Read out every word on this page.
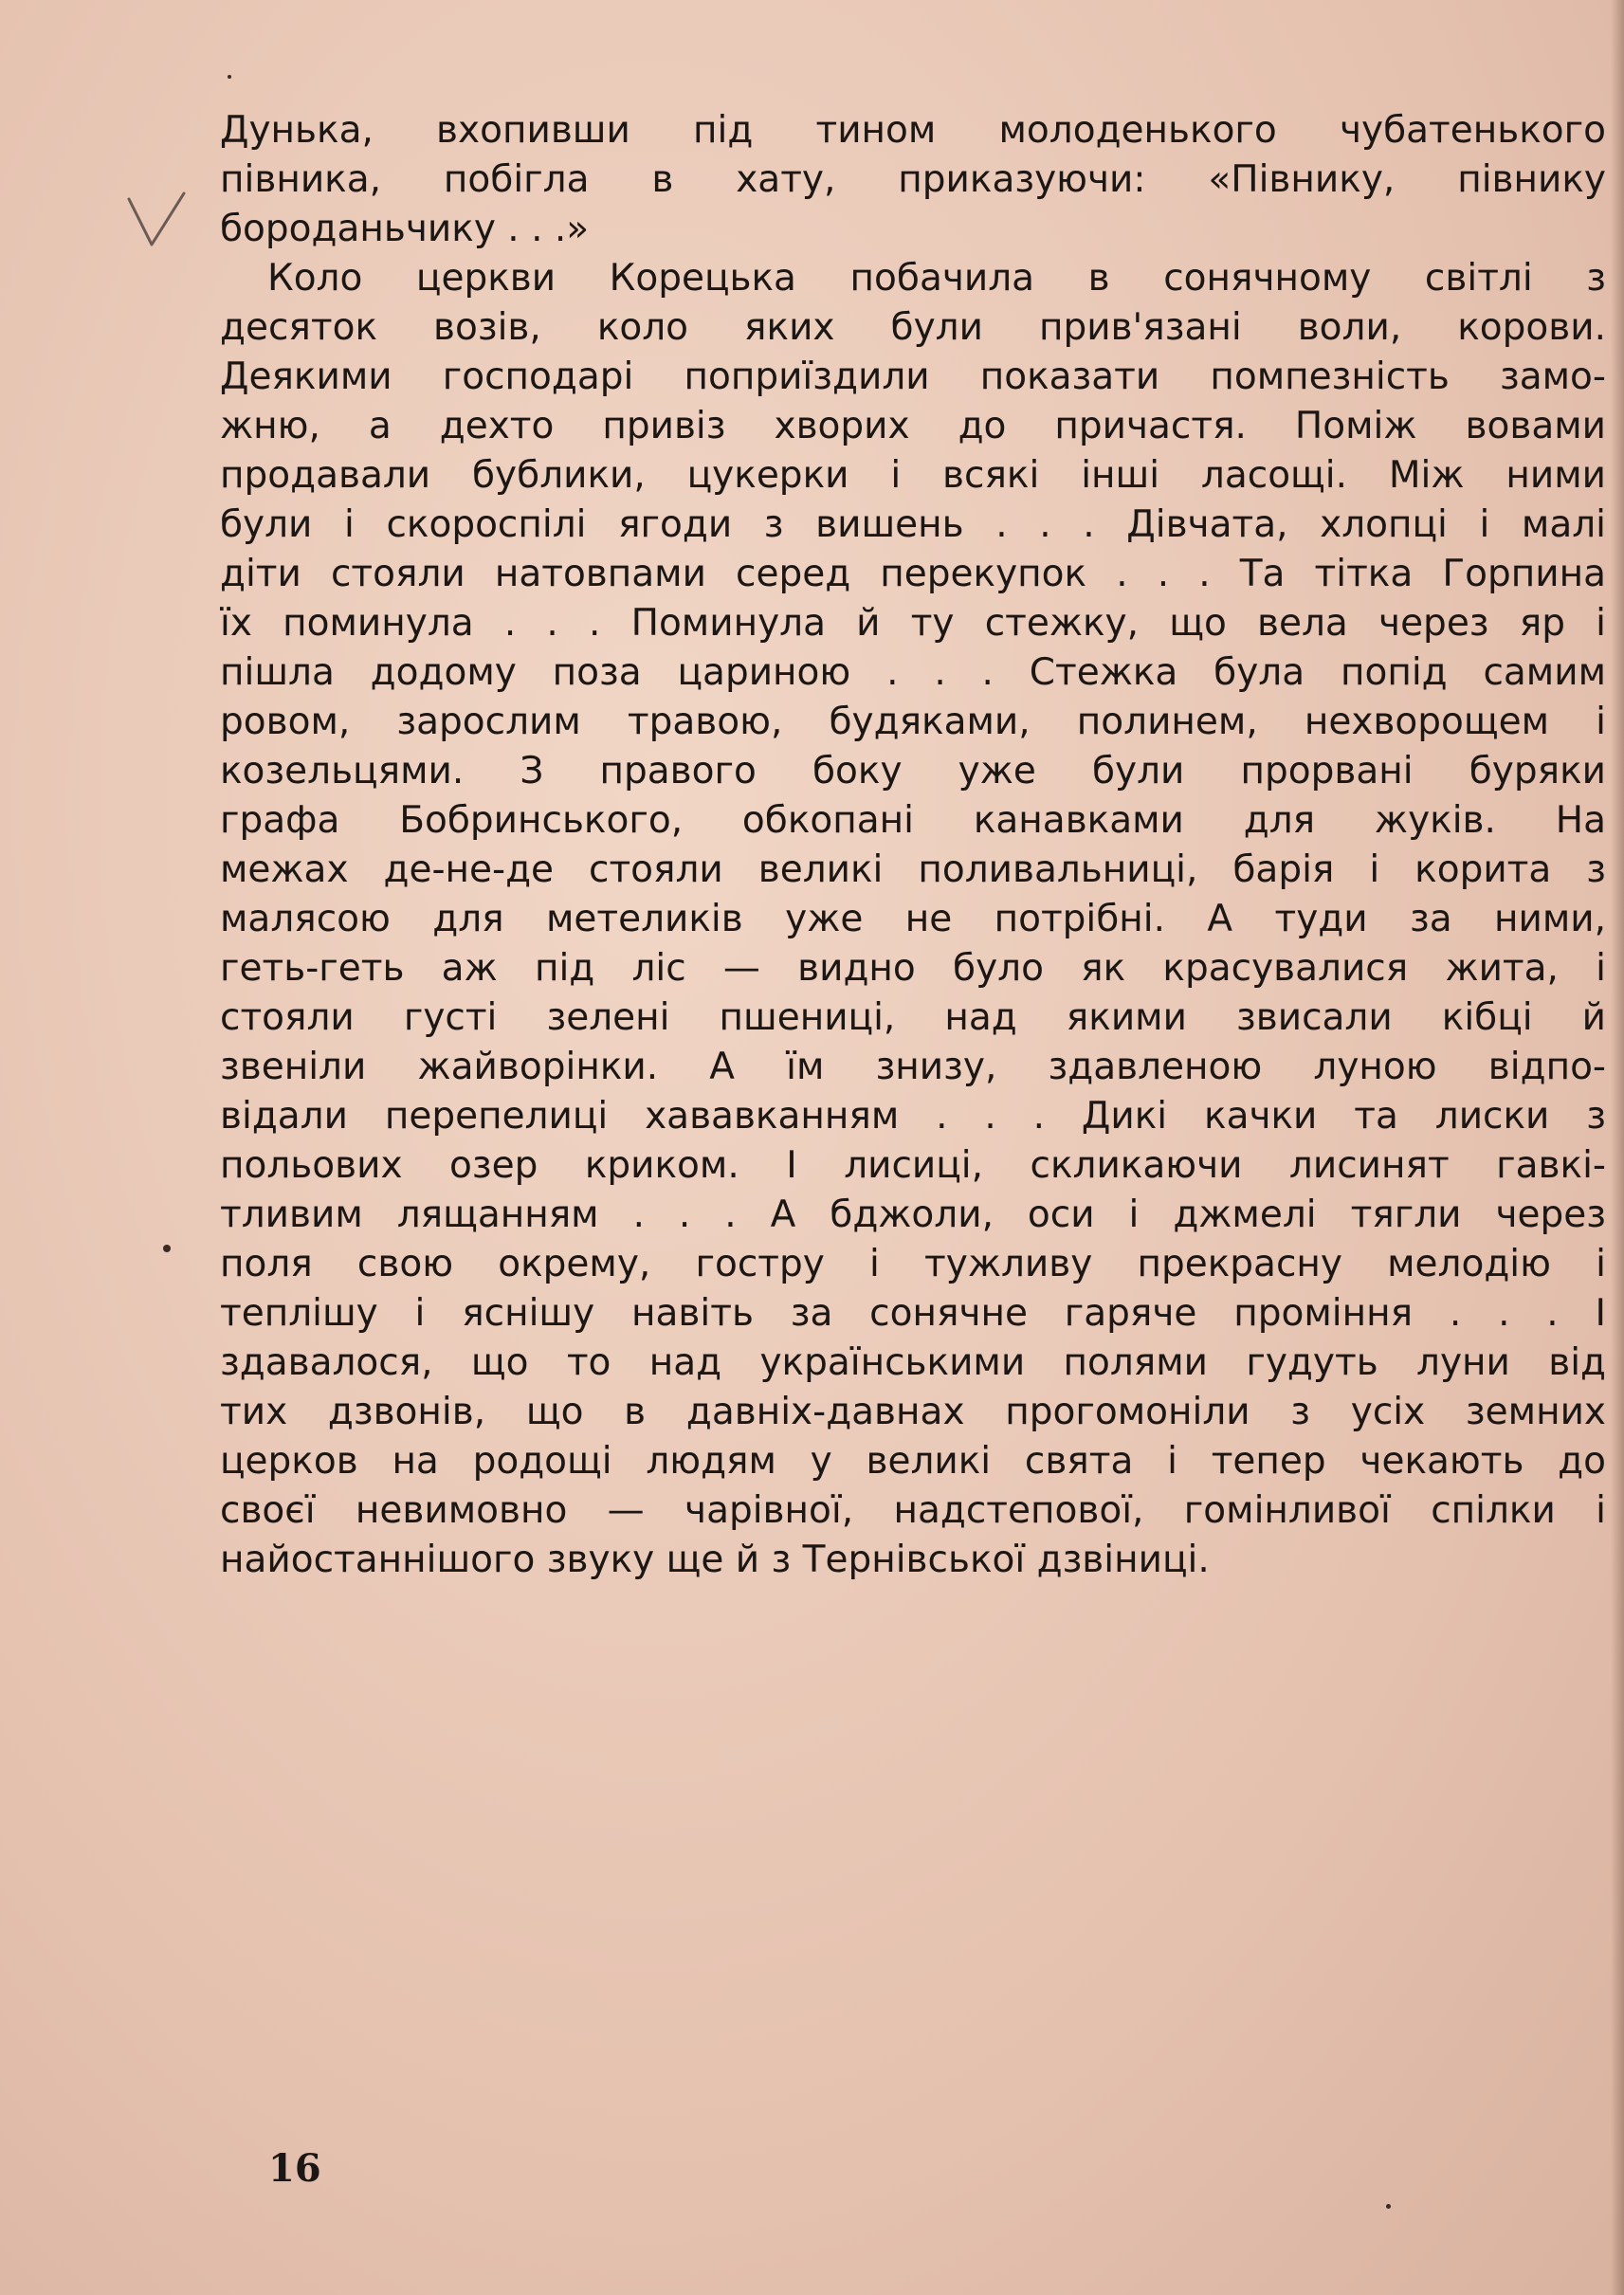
Дунька, вхопивши під тином молоденького чубатенького
півника, побігла в хату, приказуючи: «Півнику, півнику
бороданьчику . . .»
Коло церкви Корецька побачила в сонячному світлі з
десяток возів, коло яких були прив'язані воли, корови.
Деякими господарі поприїздили показати помпезність замо-
жню, а дехто привіз хворих до причастя. Поміж вовами
продавали бублики, цукерки і всякі інші ласощі. Між ними
були і скороспілі ягоди з вишень . . . Дівчата, хлопці і малі
діти стояли натовпами серед перекупок . . . Та тітка Горпина
їх поминула . . . Поминула й ту стежку, що вела через яр і
пішла додому поза цариною . . . Стежка була попід самим
ровом, зарослим травою, будяками, полинем, нехворощем і
козельцями. З правого боку уже були прорвані буряки
графа Бобринського, обкопані канавками для жуків. На
межах де-не-де стояли великі поливальниці, барія і корита з
малясою для метеликів уже не потрібні. А туди за ними,
геть-геть аж під ліс — видно було як красувалися жита, і
стояли густі зелені пшениці, над якими звисали кібці й
звеніли жайворінки. А їм знизу, здавленою луною відпо-
відали перепелиці хававканням . . . Дикі качки та лиски з
польових озер криком. І лисиці, скликаючи лисинят гавкі-
тливим лящанням . . . А бджоли, оси і джмелі тягли через
поля свою окрему, гостру і тужливу прекрасну мелодію і
теплішу і яснішу навіть за сонячне гаряче проміння . . . І
здавалося, що то над українськими полями гудуть луни від
тих дзвонів, що в давніх-давнах прогомоніли з усіх земних
церков на родощі людям у великі свята і тепер чекають до
своєї невимовно — чарівної, надстепової, гомінливої спілки і
найостаннішого звуку ще й з Тернівської дзвіниці.
16
